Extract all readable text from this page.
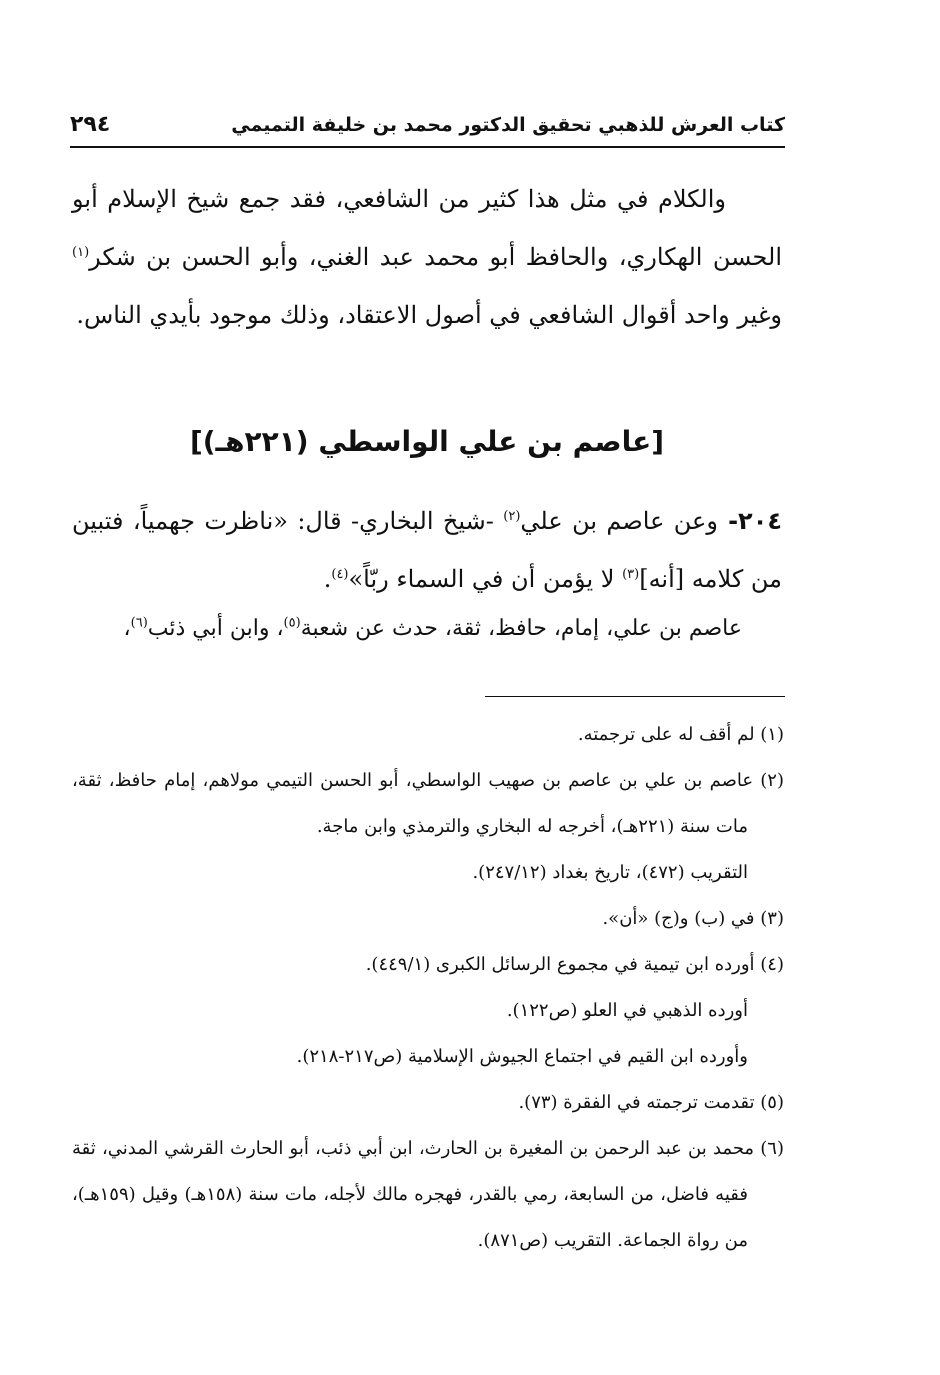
كتاب العرش للذهبي تحقيق الدكتور محمد بن خليفة التميمي
٢٩٤

والكلام في مثل هذا كثير من الشافعي، فقد جمع شيخ الإسلام أبو الحسن الهكاري، والحافظ أبو محمد عبد الغني، وأبو الحسن بن شكر$^{(١)}$ وغير واحد أقوال الشافعي في أصول الاعتقاد، وذلك موجود بأيدي الناس.

[عاصم بن علي الواسطي (٢٢١هـ)]

٢٠٤- وعن عاصم بن علي$^{(٢)}$ -شيخ البخاري- قال: «ناظرت جهمياً، فتبين من كلامه [أنه]$^{(٣)}$ لا يؤمن أن في السماء ربّاً»$^{(٤)}$.

عاصم بن علي، إمام، حافظ، ثقة، حدث عن شعبة$^{(٥)}$، وابن أبي ذئب$^{(٦)}$،

(١) لم أقف له على ترجمته.

(٢) عاصم بن علي بن عاصم بن صهيب الواسطي، أبو الحسن التيمي مولاهم، إمام حافظ، ثقة، مات سنة (٢٢١هـ)، أخرجه له البخاري والترمذي وابن ماجة.

التقريب (٤٧٢)، تاريخ بغداد (٢٤٧/١٢).

(٣) في (ب) و(ج) «أن».

(٤) أورده ابن تيمية في مجموع الرسائل الكبرى (٤٤٩/١).

أورده الذهبي في العلو (ص١٢٢).

وأورده ابن القيم في اجتماع الجيوش الإسلامية (ص٢١٧-٢١٨).

(٥) تقدمت ترجمته في الفقرة (٧٣).

(٦) محمد بن عبد الرحمن بن المغيرة بن الحارث، ابن أبي ذئب، أبو الحارث القرشي المدني، ثقة فقيه فاضل، من السابعة، رمي بالقدر، فهجره مالك لأجله، مات سنة (١٥٨هـ) وقيل (١٥٩هـ)، من رواة الجماعة. التقريب (ص٨٧١).
